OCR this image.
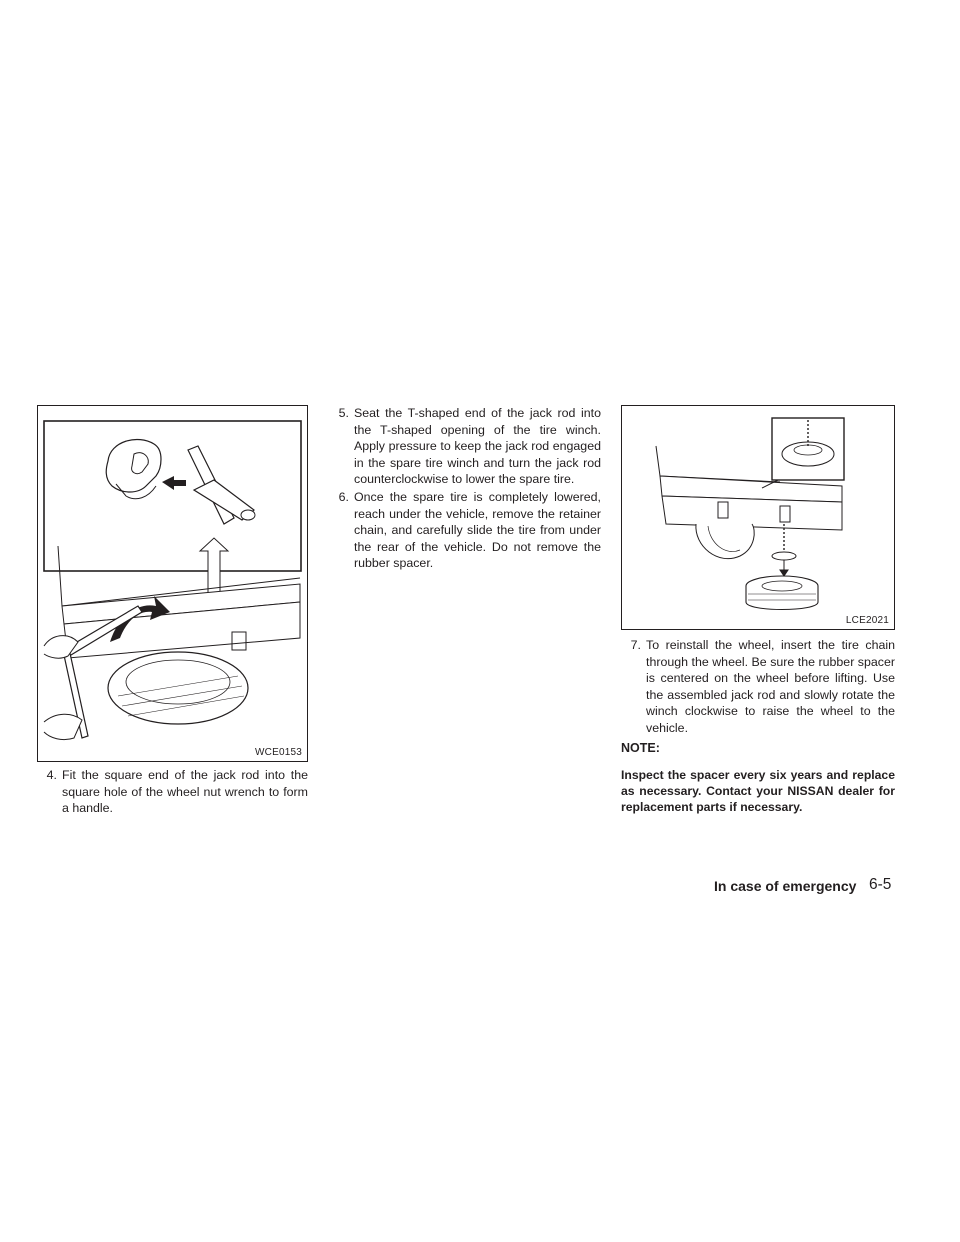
WCE0153
LCE2021
4. Fit the square end of the jack rod into the square hole of the wheel nut wrench to form a handle.
5. Seat the T-shaped end of the jack rod into the T-shaped opening of the tire winch. Apply pressure to keep the jack rod engaged in the spare tire winch and turn the jack rod counterclockwise to lower the spare tire.
6. Once the spare tire is completely lowered, reach under the vehicle, remove the retainer chain, and carefully slide the tire from under the rear of the vehicle. Do not remove the rubber spacer.
7. To reinstall the wheel, insert the tire chain through the wheel. Be sure the rubber spacer is centered on the wheel before lifting. Use the assembled jack rod and slowly rotate the winch clockwise to raise the wheel to the vehicle.
NOTE:
Inspect the spacer every six years and replace as necessary. Contact your NISSAN dealer for replacement parts if necessary.
In case of emergency 6-5
